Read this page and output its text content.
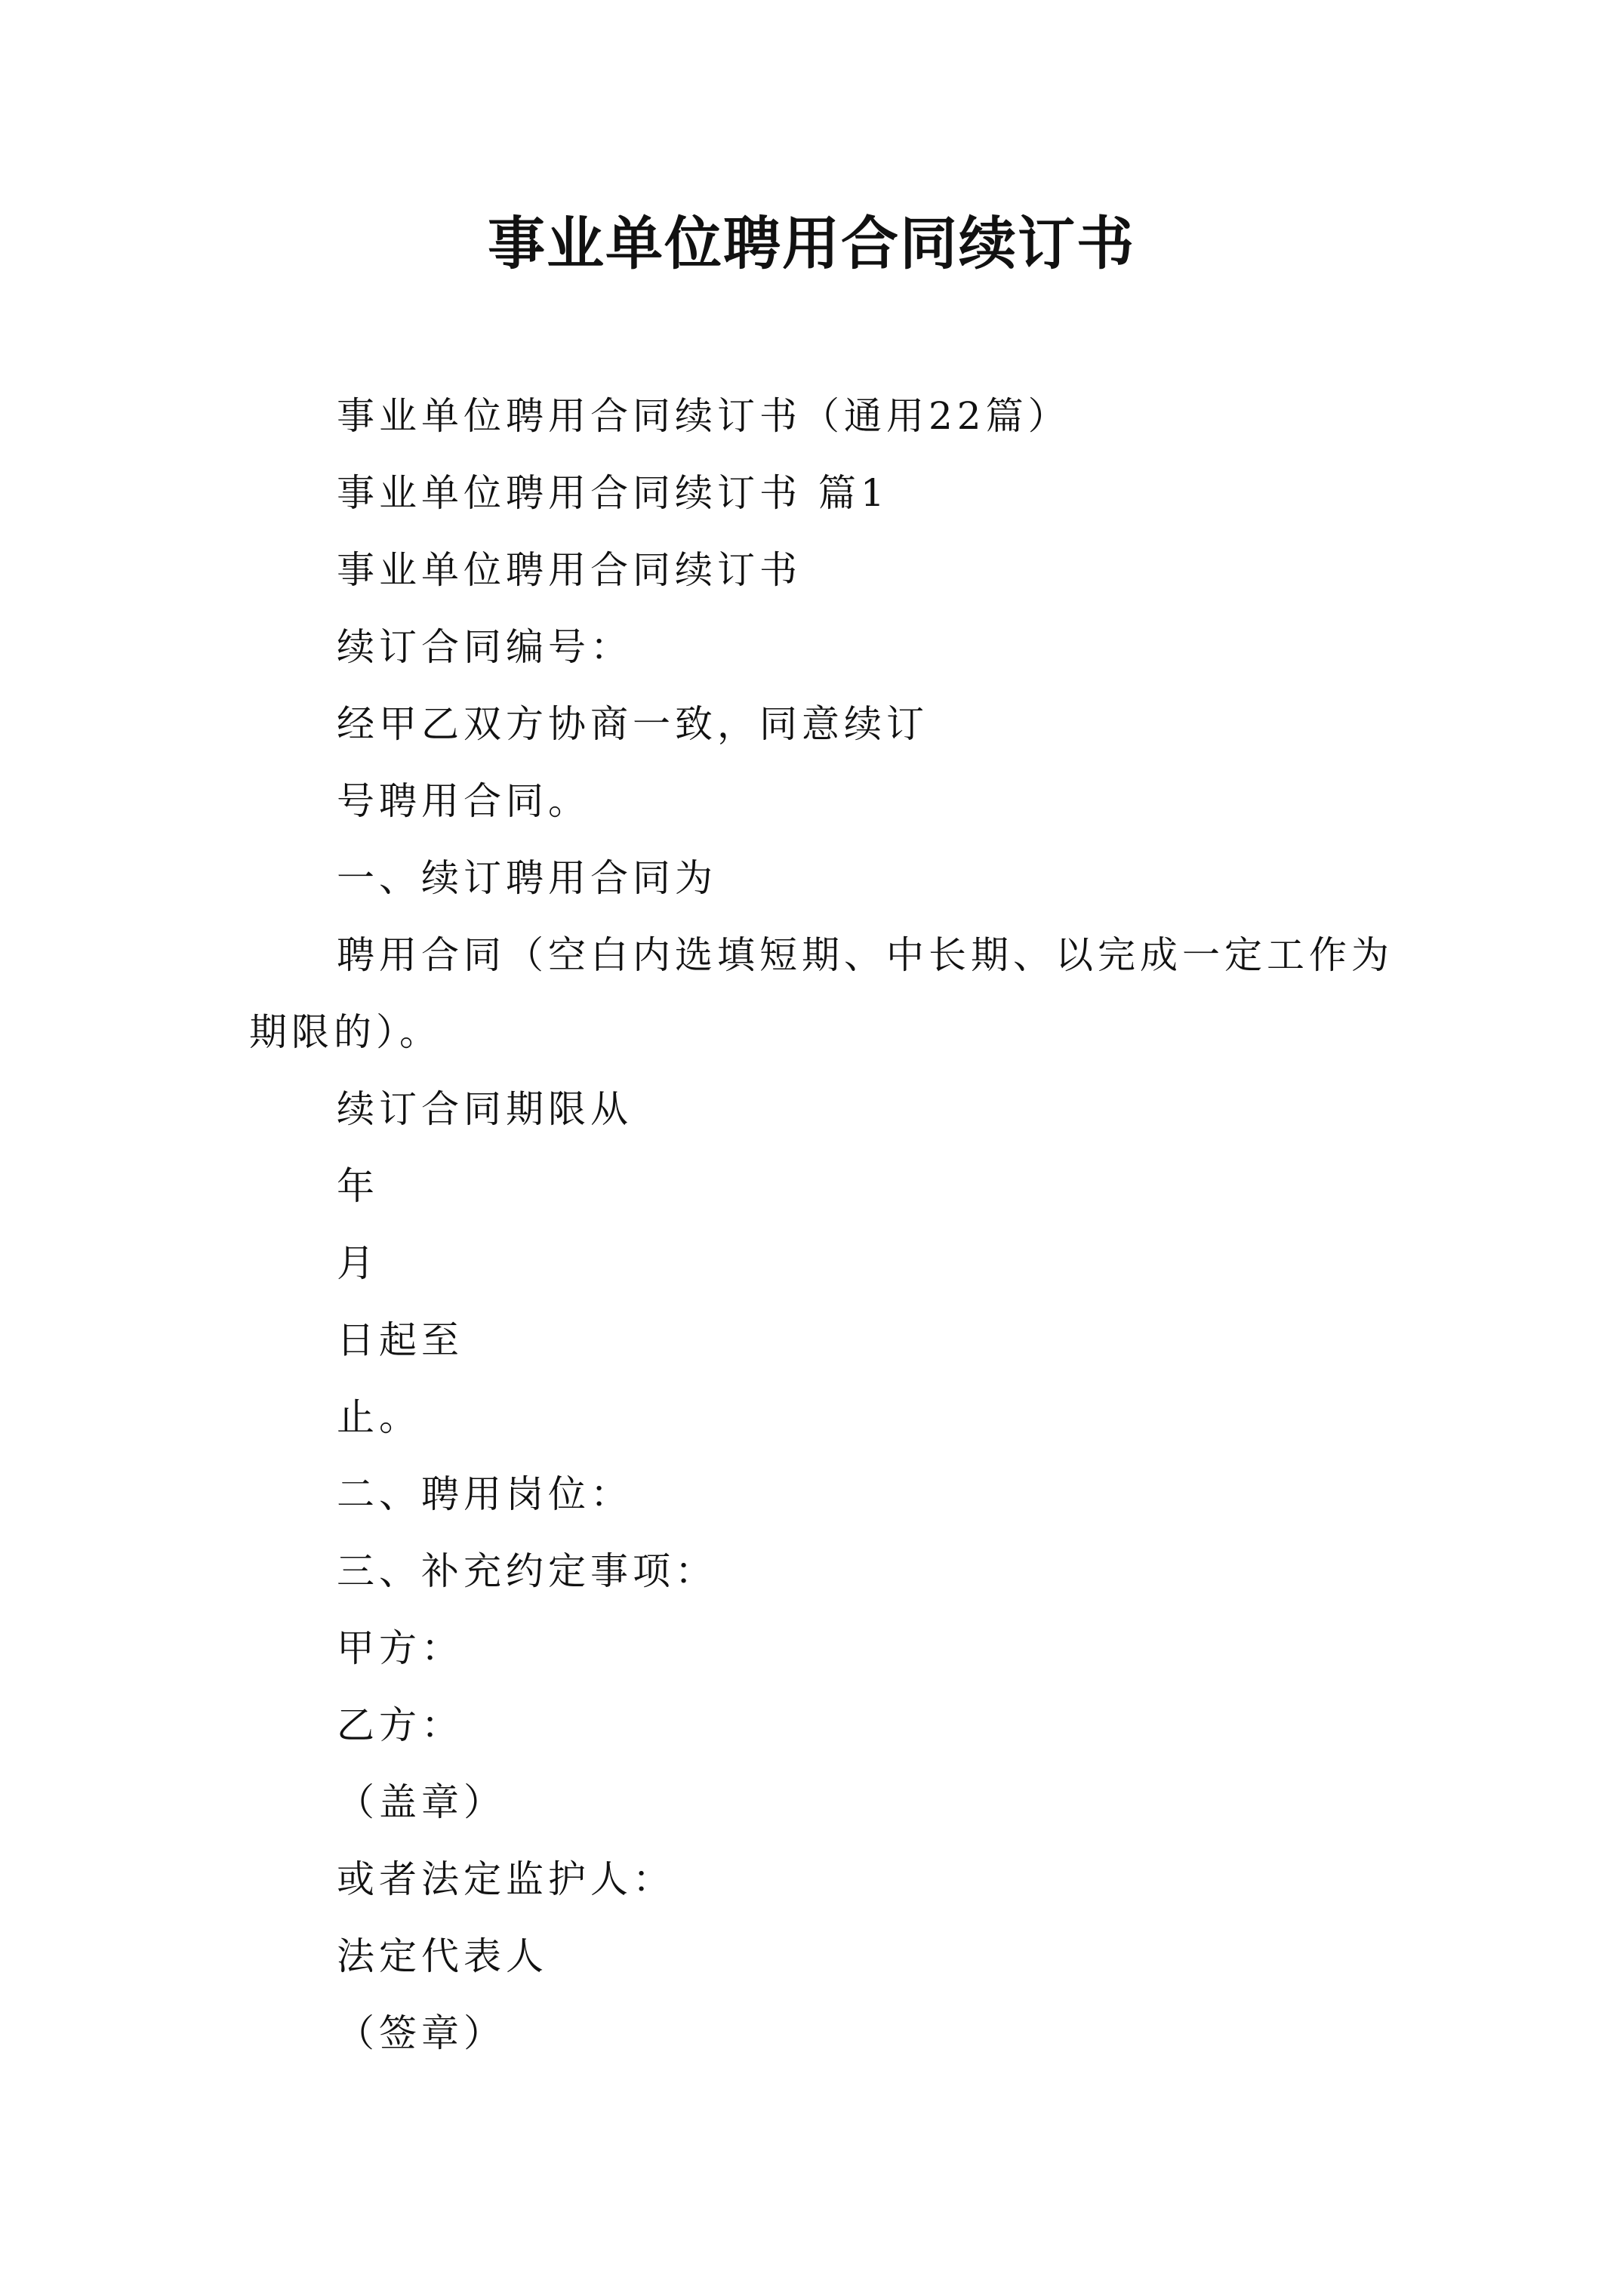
事业单位聘用合同续订书

事业单位聘用合同续订书（通用22篇）

事业单位聘用合同续订书 篇1

事业单位聘用合同续订书

续订合同编号：

经甲乙双方协商一致，同意续订

号聘用合同。

一、续订聘用合同为

聘用合同（空白内选填短期、中长期、以完成一定工作为期限的）。

续订合同期限从

年

月

日起至

止。

二、聘用岗位：

三、补充约定事项：

甲方：

乙方：

（盖章）

或者法定监护人：

法定代表人

（签章）
